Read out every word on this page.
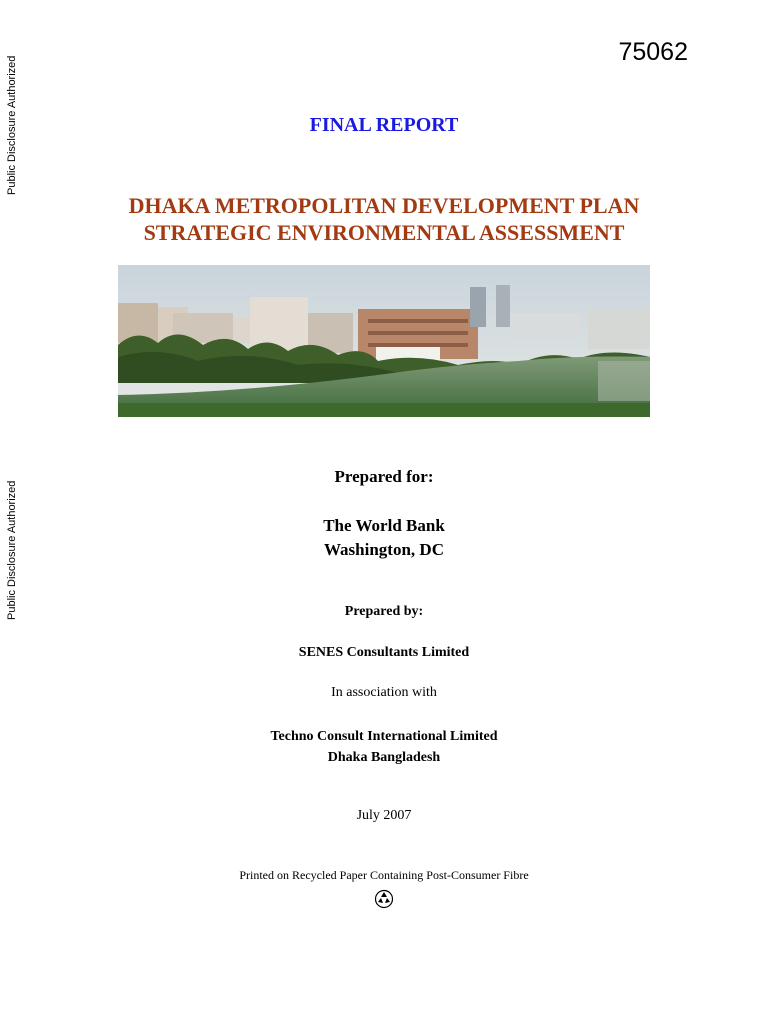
Public Disclosure Authorized
Public Disclosure Authorized
75062
FINAL REPORT
DHAKA METROPOLITAN DEVELOPMENT PLAN
STRATEGIC ENVIRONMENTAL ASSESSMENT
Prepared for:
The World Bank
Washington, DC
Prepared by:
SENES Consultants Limited
In association with
Techno Consult International Limited
Dhaka Bangladesh
July 2007
Printed on Recycled Paper Containing Post-Consumer Fibre
